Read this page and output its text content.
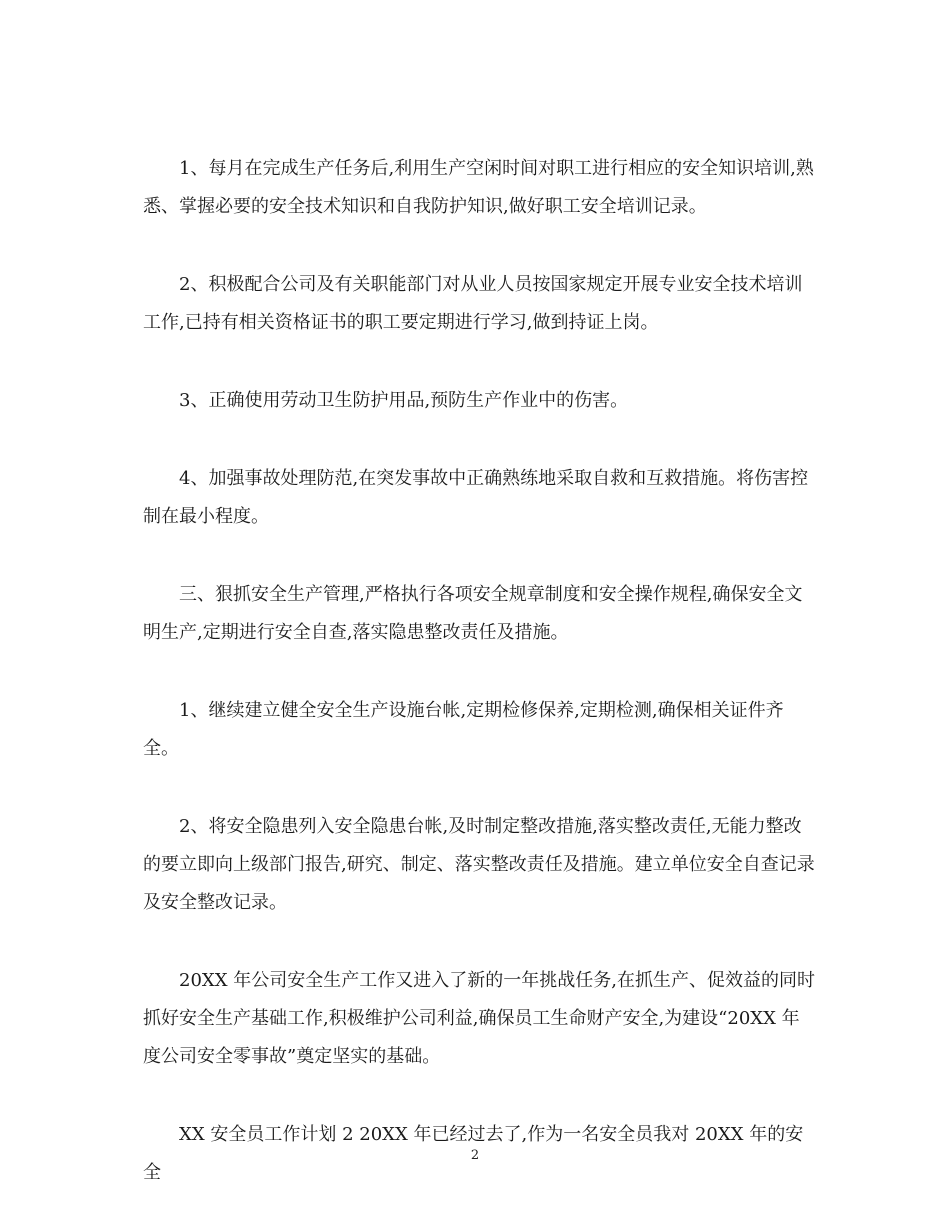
1、每月在完成生产任务后,利用生产空闲时间对职工进行相应的安全知识培训,熟悉、掌握必要的安全技术知识和自我防护知识,做好职工安全培训记录。

2、积极配合公司及有关职能部门对从业人员按国家规定开展专业安全技术培训工作,已持有相关资格证书的职工要定期进行学习,做到持证上岗。

3、正确使用劳动卫生防护用品,预防生产作业中的伤害。

4、加强事故处理防范,在突发事故中正确熟练地采取自救和互救措施。将伤害控制在最小程度。

三、狠抓安全生产管理,严格执行各项安全规章制度和安全操作规程,确保安全文明生产,定期进行安全自查,落实隐患整改责任及措施。

1、继续建立健全安全生产设施台帐,定期检修保养,定期检测,确保相关证件齐全。

2、将安全隐患列入安全隐患台帐,及时制定整改措施,落实整改责任,无能力整改的要立即向上级部门报告,研究、制定、落实整改责任及措施。建立单位安全自查记录及安全整改记录。

20XX 年公司安全生产工作又进入了新的一年挑战任务,在抓生产、促效益的同时抓好安全生产基础工作,积极维护公司利益,确保员工生命财产安全,为建设“20XX 年度公司安全零事故”奠定坚实的基础。

XX 安全员工作计划 2 20XX 年已经过去了,作为一名安全员我对 20XX 年的安全

2
